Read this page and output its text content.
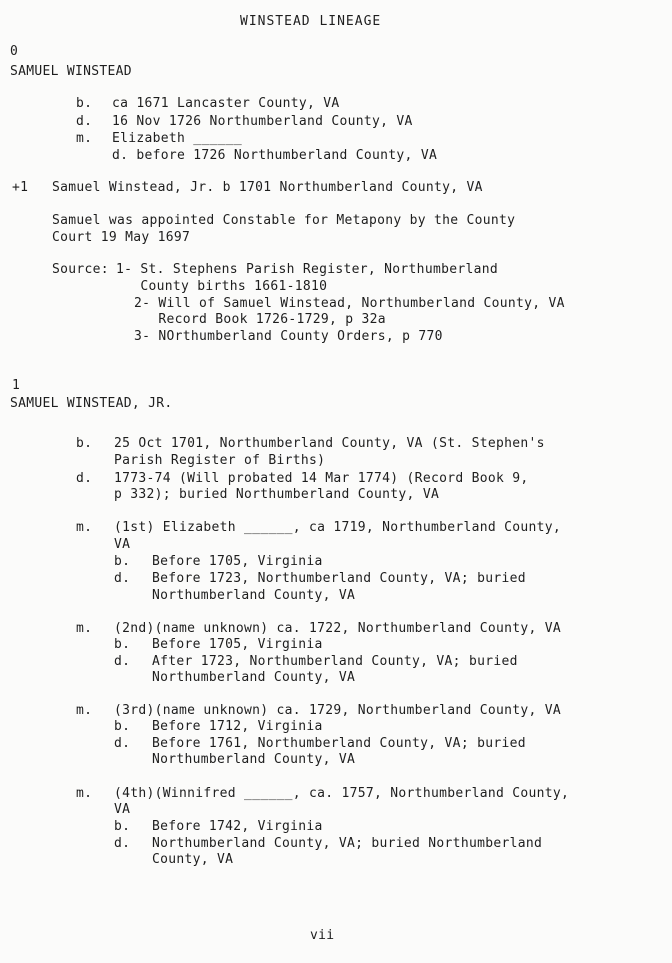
WINSTEAD LINEAGE
0
SAMUEL WINSTEAD
b. ca 1671 Lancaster County, VA
d. 16 Nov 1726 Northumberland County, VA
m. Elizabeth ______
d. before 1726 Northumberland County, VA
+1 Samuel Winstead, Jr. b 1701 Northumberland County, VA
Samuel was appointed Constable for Metapony by the County
Court 19 May 1697
Source: 1- St. Stephens Parish Register, Northumberland
County births 1661-1810
2- Will of Samuel Winstead, Northumberland County, VA
Record Book 1726-1729, p 32a
3- NOrthumberland County Orders, p 770
1
SAMUEL WINSTEAD, JR.
b. 25 Oct 1701, Northumberland County, VA (St. Stephen's
Parish Register of Births)
d. 1773-74 (Will probated 14 Mar 1774) (Record Book 9,
p 332); buried Northumberland County, VA
m. (1st) Elizabeth ______, ca 1719, Northumberland County,
VA
b. Before 1705, Virginia
d. Before 1723, Northumberland County, VA; buried
Northumberland County, VA
m. (2nd)(name unknown) ca. 1722, Northumberland County, VA
b. Before 1705, Virginia
d. After 1723, Northumberland County, VA; buried
Northumberland County, VA
m. (3rd)(name unknown) ca. 1729, Northumberland County, VA
b. Before 1712, Virginia
d. Before 1761, Northumberland County, VA; buried
Northumberland County, VA
m. (4th)(Winnifred ______, ca. 1757, Northumberland County,
VA
b. Before 1742, Virginia
d. Northumberland County, VA; buried Northumberland
County, VA
vii
